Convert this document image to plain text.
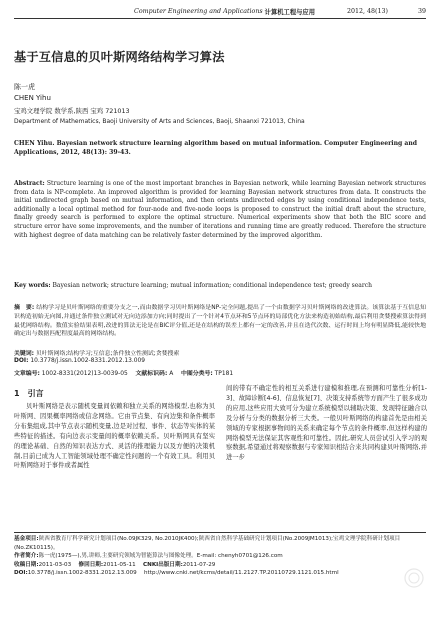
Computer Engineering and Applications 计算机工程与应用	2012, 48(13)	39
基于互信息的贝叶斯网络结构学习算法
陈一虎
CHEN Yihu
宝鸡文理学院 数学系,陕西 宝鸡 721013
Department of Mathematics, Baoji University of Arts and Sciences, Baoji, Shaanxi 721013, China
CHEN Yihu. Bayesian network structure learning algorithm based on mutual information. Computer Engineering and Applications, 2012, 48(13): 39-43.
Abstract: Structure learning is one of the most important branches in Bayesian network, while learning Bayesian network structures from data is NP-complete. An improved algorithm is provided for learning Bayesian network structures from data. It constructs the initial undirected graph based on mutual information, and then orients undirected edges by using conditional independence tests, additionally a local optimal method for four-node and five-node loops is proposed to construct the initial draft about the structure, finally greedy search is performed to explore the optimal structure. Numerical experiments show that both the BIC score and structure error have some improvements, and the number of iterations and running time are greatly reduced. Therefore the structure with highest degree of data matching can be relatively faster determined by the improved algorithm.
Key words: Bayesian network; structure learning; mutual information; conditional independence test; greedy search
摘　要: 结构学习是贝叶斯网络的重要分支之一,而由数据学习贝叶斯网络是NP-完全问题,提出了一个由数据学习贝叶斯网络的改进算法。该算法基于互信息知识构造初始无向图,并通过条件独立测试对无向边添加方向;同时提出了一个针对4节点环和5节点环的局部优化方法来构造初始结构,最后利用贪婪搜索算法得到最优网络结构。数值实验结果表明,改进的算法无论是在BIC评分值,还是在结构的误差上都有一定的改善,并且在迭代次数、运行时间上均有明显降低,能较快地确定出与数据匹配程度最高的网络结构。
关键词: 贝叶斯网络;结构学习;互信息;条件独立性测试;贪婪搜索
DOI: 10.3778/j.issn.1002-8331.2012.13.009
文章编号: 1002-8331(2012)13-0039-05  文献标识码: A  中图分类号: TP181
1　引言
贝叶斯网络是表示随机变量间依赖和独立关系的网络模型,也称为贝叶斯网、因果概率网络或信念网络。它由节点集、有向边集和条件概率分布集组成,其中节点表示随机变量,边是对过程、事件、状态等实体的某些特征的描述。有向边表示变量间的概率依赖关系。贝叶斯网具有坚实的理论基础、自然的知识表达方式、灵活的推理能力以及方便的决策机制,目前已成为人工智能领域处理不确定性问题的一个有效工具。利用贝叶斯网络对于事件或者属性
间的带有不确定性的相互关系进行建模和推理,在预测和可靠性分析[1-3]、故障诊断[4-6]、信息恢复[7]、决策支持系统等方面产生了很多成功的应用,这些应用大致可分为建立系统模型以辅助决策、发现特征融合以及分析与分类的数据分析三大类。一般贝叶斯网络的构建首先是由相关领域的专家根据事物间的关系来确定每个节点的条件概率,但这样构建的网络模型无法保证其客观性和可靠性。因此,研究人员尝试引入学习的观察数据,希望通过将观察数据与专家知识相结合来共同构建贝叶斯网络,并进一步

基金项目:陕西省教育厅科学研究计划项目(No.09JK329, No.2010JK400);陕西省自然科学基础研究计划项目(No.2009JM1013);宝鸡文理学院科研计划项目(No.ZK10115)。

作者简介:陈一虎(1975—),男,讲师,主要研究领域为智能算法与图像处理。E-mail: chenyh0701@126.com

收稿日期:2011-03-03  修回日期:2011-05-11  CNKI出版日期:2011-07-29

DOI:10.3778/j.issn.1002-8331.2012.13.009  http://www.cnki.net/kcms/detail/11.2127.TP.20110729.1121.015.html
